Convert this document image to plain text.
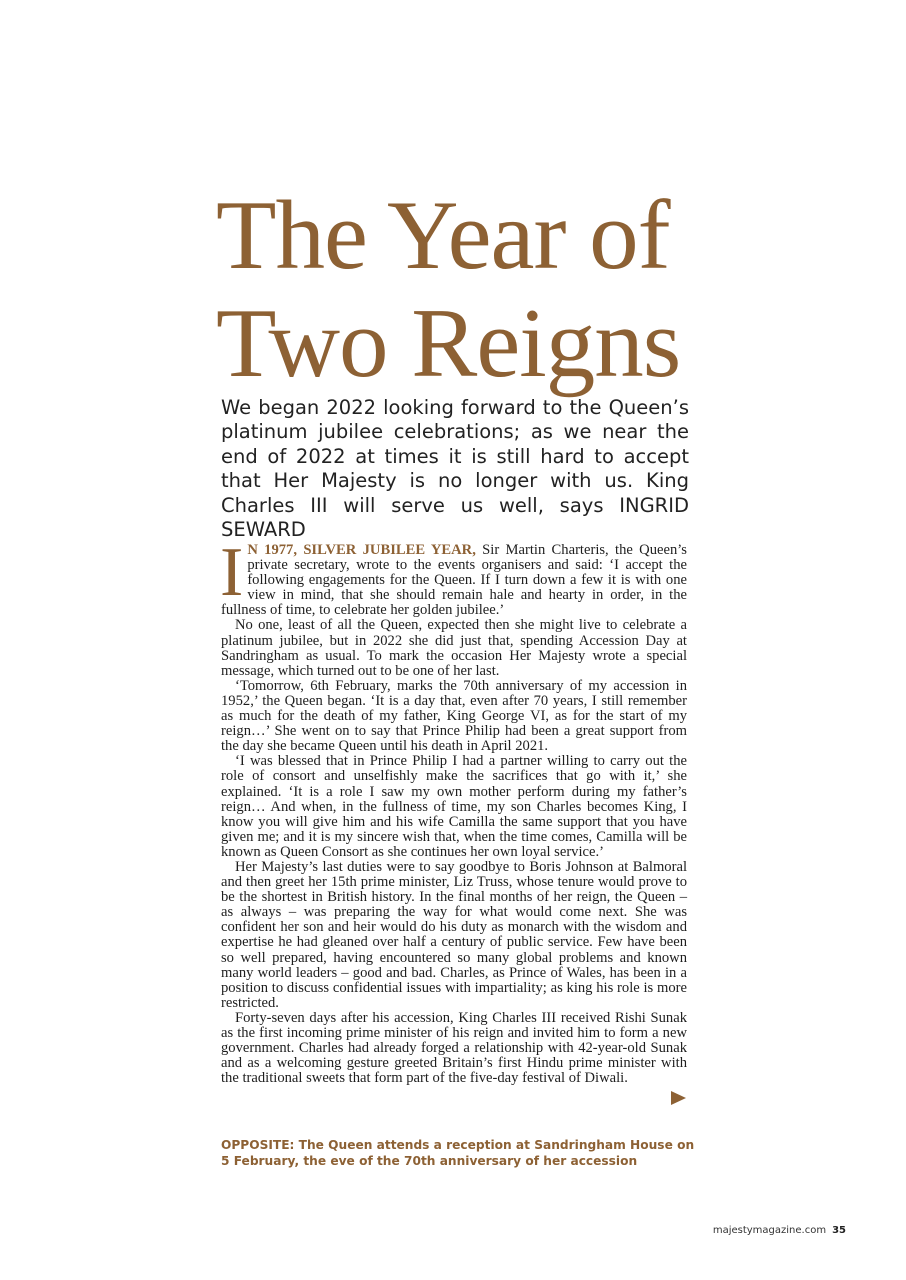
The Year of
Two Reigns

We began 2022 looking forward to the Queen’s platinum jubilee celebrations; as we near the end of 2022 at times it is still hard to accept that Her Majesty is no longer with us. King Charles III will serve us well, says INGRID SEWARD

I N 1977, SILVER JUBILEE YEAR, Sir Martin Charteris, the Queen’s private secretary, wrote to the events organisers and said: ‘I accept the following engagements for the Queen. If I turn down a few it is with one view in mind, that she should remain hale and hearty in order, in the fullness of time, to celebrate her golden jubilee.’

No one, least of all the Queen, expected then she might live to celebrate a platinum jubilee, but in 2022 she did just that, spending Accession Day at Sandringham as usual. To mark the occasion Her Majesty wrote a special message, which turned out to be one of her last.

‘Tomorrow, 6th February, marks the 70th anniversary of my accession in 1952,’ the Queen began. ‘It is a day that, even after 70 years, I still remember as much for the death of my father, King George VI, as for the start of my reign…’ She went on to say that Prince Philip had been a great support from the day she became Queen until his death in April 2021.

‘I was blessed that in Prince Philip I had a partner willing to carry out the role of consort and unselfishly make the sacrifices that go with it,’ she explained. ‘It is a role I saw my own mother perform during my father’s reign… And when, in the fullness of time, my son Charles becomes King, I know you will give him and his wife Camilla the same support that you have given me; and it is my sincere wish that, when the time comes, Camilla will be known as Queen Consort as she continues her own loyal service.’

Her Majesty’s last duties were to say goodbye to Boris Johnson at Balmoral and then greet her 15th prime minister, Liz Truss, whose tenure would prove to be the shortest in British history. In the final months of her reign, the Queen – as always – was preparing the way for what would come next. She was confident her son and heir would do his duty as monarch with the wisdom and expertise he had gleaned over half a century of public service. Few have been so well prepared, having encountered so many global problems and known many world leaders – good and bad. Charles, as Prince of Wales, has been in a position to discuss confidential issues with impartiality; as king his role is more restricted.

Forty-seven days after his accession, King Charles III received Rishi Sunak as the first incoming prime minister of his reign and invited him to form a new government. Charles had already forged a relationship with 42-year-old Sunak and as a welcoming gesture greeted Britain’s first Hindu prime minister with the traditional sweets that form part of the five-day festival of Diwali.

OPPOSITE: The Queen attends a reception at Sandringham House on
5 February, the eve of the 70th anniversary of her accession

majestymagazine.com 35
